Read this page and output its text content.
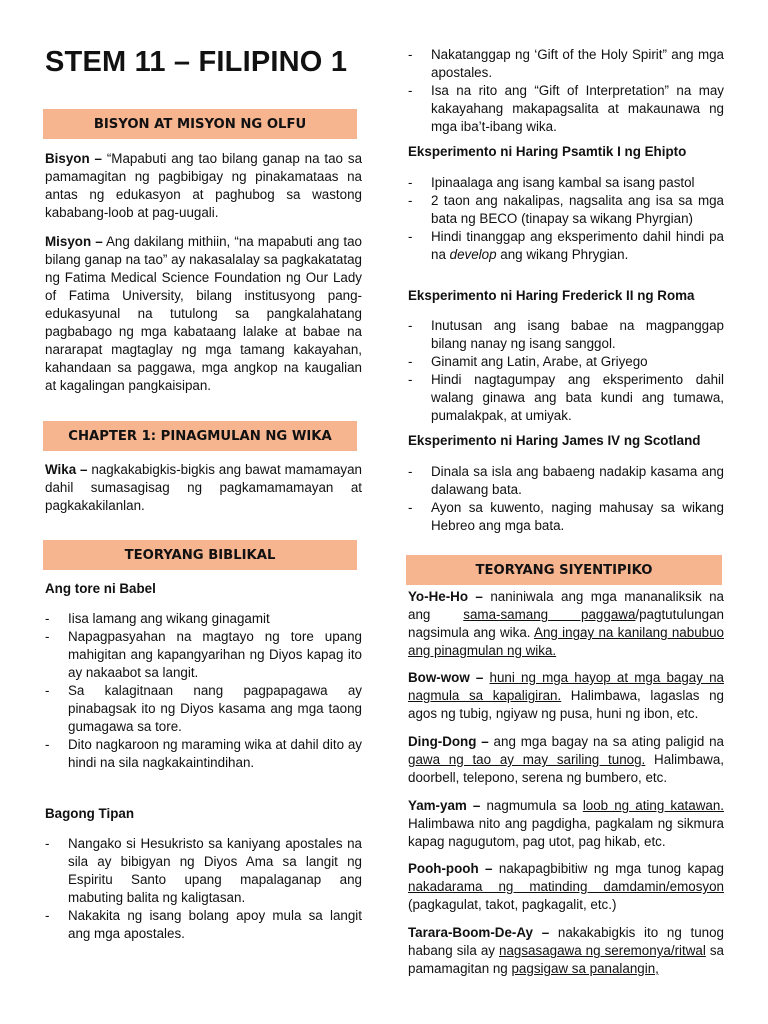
STEM 11 – FILIPINO 1
BISYON AT MISYON NG OLFU

Bisyon – “Mapabuti ang tao bilang ganap na tao sa pamamagitan ng pagbibigay ng pinakamataas na antas ng edukasyon at paghubog sa wastong kababang-loob at pag-uugali.

Misyon – Ang dakilang mithiin, “na mapabuti ang tao bilang ganap na tao” ay nakasalalay sa pagkakatatag ng Fatima Medical Science Foundation ng Our Lady of Fatima University, bilang institusyong pang-edukasyunal na tutulong sa pangkalahatang pagbabago ng mga kabataang lalake at babae na nararapat magtaglay ng mga tamang kakayahan, kahandaan sa paggawa, mga angkop na kaugalian at kagalingan pangkaisipan.

CHAPTER 1: PINAGMULAN NG WIKA

Wika – nagkakabigkis-bigkis ang bawat mamamayan dahil sumasagisag ng pagkamamamayan at pagkakakilanlan.

TEORYANG BIBLIKAL

Ang tore ni Babel

- Iisa lamang ang wikang ginagamit
- Napagpasyahan na magtayo ng tore upang mahigitan ang kapangyarihan ng Diyos kapag ito ay nakaabot sa langit.
- Sa kalagitnaan nang pagpapagawa ay pinabagsak ito ng Diyos kasama ang mga taong gumagawa sa tore.
- Dito nagkaroon ng maraming wika at dahil dito ay hindi na sila nagkakaintindihan.

Bagong Tipan

- Nangako si Hesukristo sa kaniyang apostales na sila ay bibigyan ng Diyos Ama sa langit ng Espiritu Santo upang mapalaganap ang mabuting balita ng kaligtasan.
- Nakakita ng isang bolang apoy mula sa langit ang mga apostales.
- Nakatanggap ng ‘Gift of the Holy Spirit” ang mga apostales.
- Isa na rito ang “Gift of Interpretation” na may kakayahang makapagsalita at makaunawa ng mga iba’t-ibang wika.

Eksperimento ni Haring Psamtik I ng Ehipto

- Ipinaalaga ang isang kambal sa isang pastol
- 2 taon ang nakalipas, nagsalita ang isa sa mga bata ng BECO (tinapay sa wikang Phyrgian)
- Hindi tinanggap ang eksperimento dahil hindi pa na develop ang wikang Phrygian.

Eksperimento ni Haring Frederick II ng Roma

- Inutusan ang isang babae na magpanggap bilang nanay ng isang sanggol.
- Ginamit ang Latin, Arabe, at Griyego
- Hindi nagtagumpay ang eksperimento dahil walang ginawa ang bata kundi ang tumawa, pumalakpak, at umiyak.

Eksperimento ni Haring James IV ng Scotland

- Dinala sa isla ang babaeng nadakip kasama ang dalawang bata.
- Ayon sa kuwento, naging mahusay sa wikang Hebreo ang mga bata.
TEORYANG SIYENTIPIKO

Yo-He-Ho – naniniwala ang mga mananaliksik na ang sama-samang paggawa/pagtutulungan nagsimula ang wika. Ang ingay na kanilang nabubuo ang pinagmulan ng wika.

Bow-wow – huni ng mga hayop at mga bagay na nagmula sa kapaligiran. Halimbawa, lagaslas ng agos ng tubig, ngiyaw ng pusa, huni ng ibon, etc.

Ding-Dong – ang mga bagay na sa ating paligid na gawa ng tao ay may sariling tunog. Halimbawa, doorbell, telepono, serena ng bumbero, etc.

Yam-yam – nagmumula sa loob ng ating katawan. Halimbawa nito ang pagdigha, pagkalam ng sikmura kapag nagugutom, pag utot, pag hikab, etc.

Pooh-pooh – nakapagbibitiw ng mga tunog kapag nakadarama ng matinding damdamin/emosyon (pagkagulat, takot, pagkagalit, etc.)

Tarara-Boom-De-Ay – nakakabigkis ito ng tunog habang sila ay nagsasagawa ng seremonya/ritwal sa pamamagitan ng pagsigaw sa panalangin,
